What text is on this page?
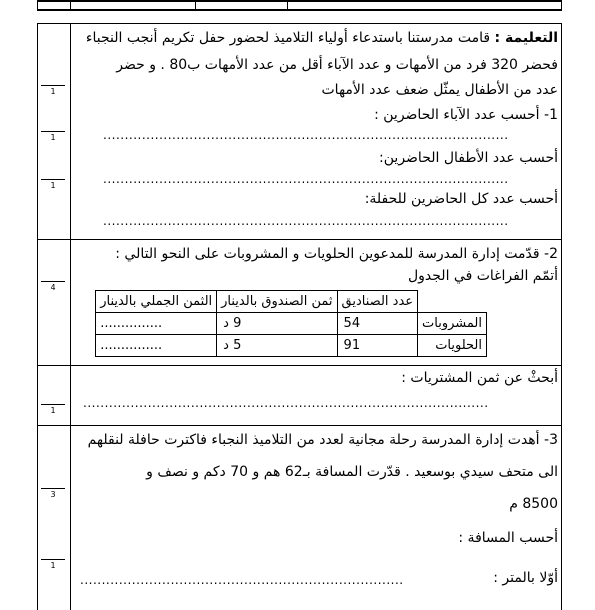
1

1

1

4

1

3

1
التعليمة : قامت مدرستنا باستدعاء أولياء التلاميذ لحضور حفل تكريم أنجب النجباء
فحضر 320 فرد من الأمهات و عدد الآباء أقل من عدد الأمهات ب80 . و حضر
عدد من الأطفال يمثّل ضعف عدد الأمهات
1- أحسب عدد الآباء الحاضرين :
..............................................................................................
أحسب عدد الأطفال الحاضرين:
..............................................................................................
أحسب عدد كل الحاضرين للحفلة:
..............................................................................................
2- قدّمت إدارة المدرسة للمدعوين الحلويات و المشروبات على النحو التالي :
أتمّم الفراغات في الجدول
	عدد الصناديق	ثمن الصندوق بالدينار	الثمن الجملي بالدينار
المشروبات	54	9 د	...............
الحلويات	91	5 د	...............
أبحثْ عن ثمن المشتريات :
..............................................................................................
3- أهدت إدارة المدرسة رحلة مجانية لعدد من التلاميذ النجباء فاكترت حافلة لنقلهم
الى متحف سيدي بوسعيد . قدّرت المسافة بـ62 هم و 70 دكم و نصف و
8500 م
أحسب المسافة :
أوّلا بالمتر :
...........................................................................
